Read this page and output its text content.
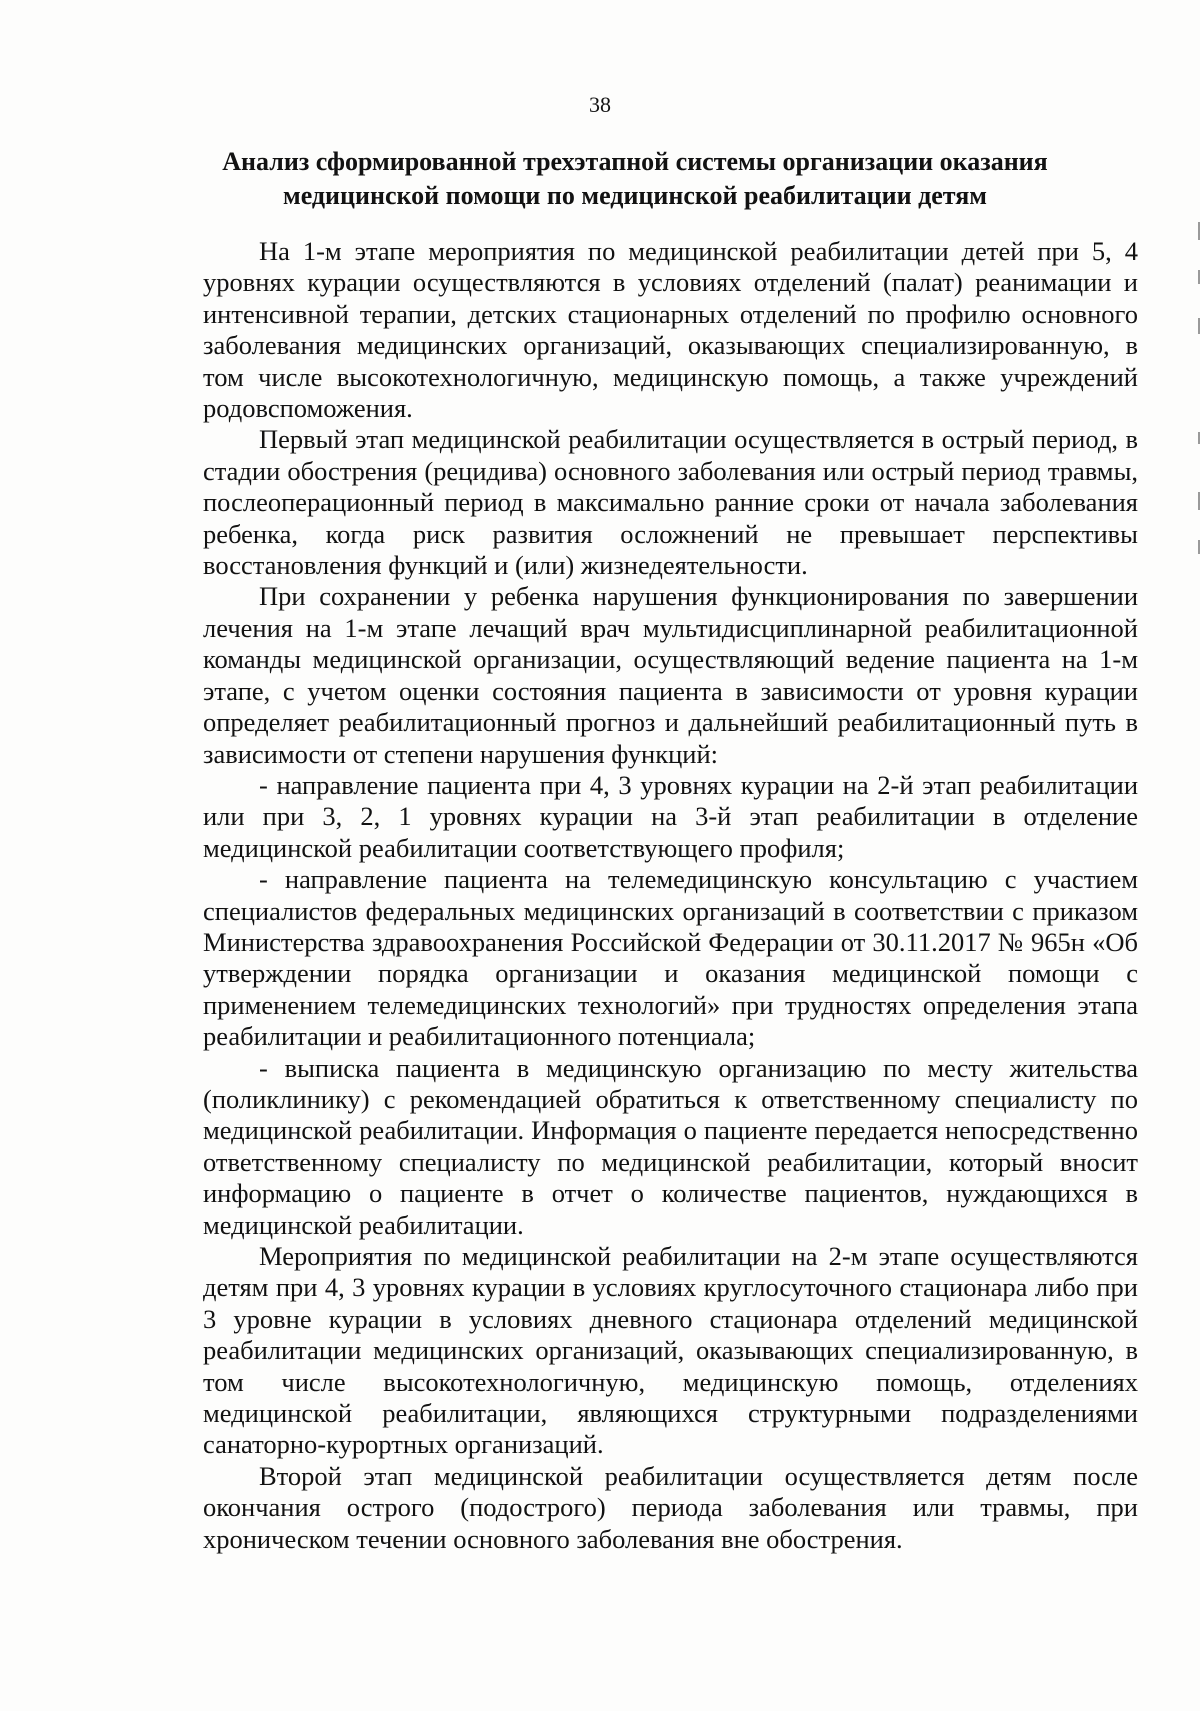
38
Анализ сформированной трехэтапной системы организации оказания
медицинской помощи по медицинской реабилитации детям

На 1-м этапе мероприятия по медицинской реабилитации детей при 5, 4 уровнях курации осуществляются в условиях отделений (палат) реанимации и интенсивной терапии, детских стационарных отделений по профилю основного заболевания медицинских организаций, оказывающих специализированную, в том числе высокотехнологичную, медицинскую помощь, а также учреждений родовспоможения.

Первый этап медицинской реабилитации осуществляется в острый период, в стадии обострения (рецидива) основного заболевания или острый период травмы, послеоперационный период в максимально ранние сроки от начала заболевания ребенка, когда риск развития осложнений не превышает перспективы восстановления функций и (или) жизнедеятельности.

При сохранении у ребенка нарушения функционирования по завершении лечения на 1-м этапе лечащий врач мультидисциплинарной реабилитационной команды медицинской организации, осуществляющий ведение пациента на 1-м этапе, с учетом оценки состояния пациента в зависимости от уровня курации определяет реабилитационный прогноз и дальнейший реабилитационный путь в зависимости от степени нарушения функций:

- направление пациента при 4, 3 уровнях курации на 2-й этап реабилитации или при 3, 2, 1 уровнях курации на 3-й этап реабилитации в отделение медицинской реабилитации соответствующего профиля;

- направление пациента на телемедицинскую консультацию с участием специалистов федеральных медицинских организаций в соответствии с приказом Министерства здравоохранения Российской Федерации от 30.11.2017 № 965н «Об утверждении порядка организации и оказания медицинской помощи с применением телемедицинских технологий» при трудностях определения этапа реабилитации и реабилитационного потенциала;

- выписка пациента в медицинскую организацию по месту жительства (поликлинику) с рекомендацией обратиться к ответственному специалисту по медицинской реабилитации. Информация о пациенте передается непосредственно ответственному специалисту по медицинской реабилитации, который вносит информацию о пациенте в отчет о количестве пациентов, нуждающихся в медицинской реабилитации.

Мероприятия по медицинской реабилитации на 2-м этапе осуществляются детям при 4, 3 уровнях курации в условиях круглосуточного стационара либо при 3 уровне курации в условиях дневного стационара отделений медицинской реабилитации медицинских организаций, оказывающих специализированную, в том числе высокотехнологичную, медицинскую помощь, отделениях медицинской реабилитации, являющихся структурными подразделениями санаторно-курортных организаций.

Второй этап медицинской реабилитации осуществляется детям после окончания острого (подострого) периода заболевания или травмы, при хроническом течении основного заболевания вне обострения.
